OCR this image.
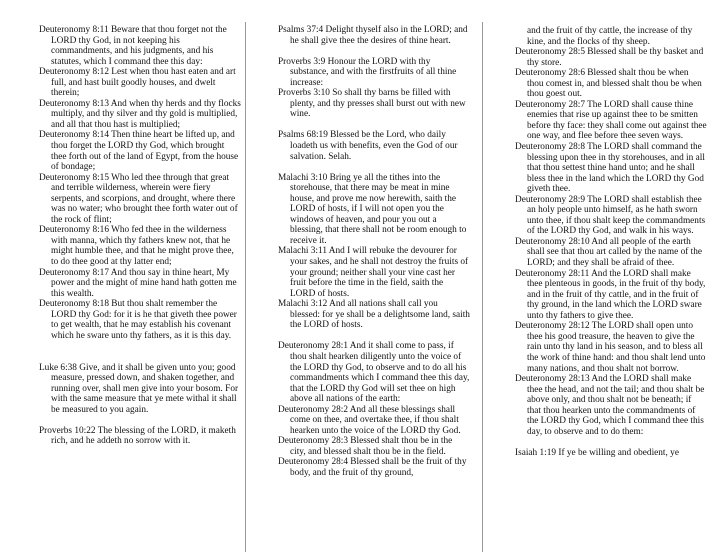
Deuteronomy 8:11 Beware that thou forget not the LORD thy God, in not keeping his commandments, and his judgments, and his statutes, which I command thee this day:

Deuteronomy 8:12 Lest when thou hast eaten and art full, and hast built goodly houses, and dwelt therein;

Deuteronomy 8:13 And when thy herds and thy flocks multiply, and thy silver and thy gold is multiplied, and all that thou hast is multiplied;

Deuteronomy 8:14 Then thine heart be lifted up, and thou forget the LORD thy God, which brought thee forth out of the land of Egypt, from the house of bondage;

Deuteronomy 8:15 Who led thee through that great and terrible wilderness, wherein were fiery serpents, and scorpions, and drought, where there was no water; who brought thee forth water out of the rock of flint;

Deuteronomy 8:16 Who fed thee in the wilderness with manna, which thy fathers knew not, that he might humble thee, and that he might prove thee, to do thee good at thy latter end;

Deuteronomy 8:17 And thou say in thine heart, My power and the might of mine hand hath gotten me this wealth.

Deuteronomy 8:18 But thou shalt remember the LORD thy God: for it is he that giveth thee power to get wealth, that he may establish his covenant which he sware unto thy fathers, as it is this day.

Luke 6:38 Give, and it shall be given unto you; good measure, pressed down, and shaken together, and running over, shall men give into your bosom. For with the same measure that ye mete withal it shall be measured to you again.

Proverbs 10:22 The blessing of the LORD, it maketh rich, and he addeth no sorrow with it.

Psalms 37:4 Delight thyself also in the LORD; and he shall give thee the desires of thine heart.

Proverbs 3:9 Honour the LORD with thy substance, and with the firstfruits of all thine increase:

Proverbs 3:10 So shall thy barns be filled with plenty, and thy presses shall burst out with new wine.

Psalms 68:19 Blessed be the Lord, who daily loadeth us with benefits, even the God of our salvation. Selah.

Malachi 3:10 Bring ye all the tithes into the storehouse, that there may be meat in mine house, and prove me now herewith, saith the LORD of hosts, if I will not open you the windows of heaven, and pour you out a blessing, that there shall not be room enough to receive it.

Malachi 3:11 And I will rebuke the devourer for your sakes, and he shall not destroy the fruits of your ground; neither shall your vine cast her fruit before the time in the field, saith the LORD of hosts.

Malachi 3:12 And all nations shall call you blessed: for ye shall be a delightsome land, saith the LORD of hosts.

Deuteronomy 28:1 And it shall come to pass, if thou shalt hearken diligently unto the voice of the LORD thy God, to observe and to do all his commandments which I command thee this day, that the LORD thy God will set thee on high above all nations of the earth:

Deuteronomy 28:2 And all these blessings shall come on thee, and overtake thee, if thou shalt hearken unto the voice of the LORD thy God.

Deuteronomy 28:3 Blessed shalt thou be in the city, and blessed shalt thou be in the field.

Deuteronomy 28:4 Blessed shall be the fruit of thy body, and the fruit of thy ground,

and the fruit of thy cattle, the increase of thy kine, and the flocks of thy sheep.

Deuteronomy 28:5 Blessed shall be thy basket and thy store.

Deuteronomy 28:6 Blessed shalt thou be when thou comest in, and blessed shalt thou be when thou goest out.

Deuteronomy 28:7 The LORD shall cause thine enemies that rise up against thee to be smitten before thy face: they shall come out against thee one way, and flee before thee seven ways.

Deuteronomy 28:8 The LORD shall command the blessing upon thee in thy storehouses, and in all that thou settest thine hand unto; and he shall bless thee in the land which the LORD thy God giveth thee.

Deuteronomy 28:9 The LORD shall establish thee an holy people unto himself, as he hath sworn unto thee, if thou shalt keep the commandments of the LORD thy God, and walk in his ways.

Deuteronomy 28:10 And all people of the earth shall see that thou art called by the name of the LORD; and they shall be afraid of thee.

Deuteronomy 28:11 And the LORD shall make thee plenteous in goods, in the fruit of thy body, and in the fruit of thy cattle, and in the fruit of thy ground, in the land which the LORD sware unto thy fathers to give thee.

Deuteronomy 28:12 The LORD shall open unto thee his good treasure, the heaven to give the rain unto thy land in his season, and to bless all the work of thine hand: and thou shalt lend unto many nations, and thou shalt not borrow.

Deuteronomy 28:13 And the LORD shall make thee the head, and not the tail; and thou shalt be above only, and thou shalt not be beneath; if that thou hearken unto the commandments of the LORD thy God, which I command thee this day, to observe and to do them:

Isaiah 1:19 If ye be willing and obedient, ye
